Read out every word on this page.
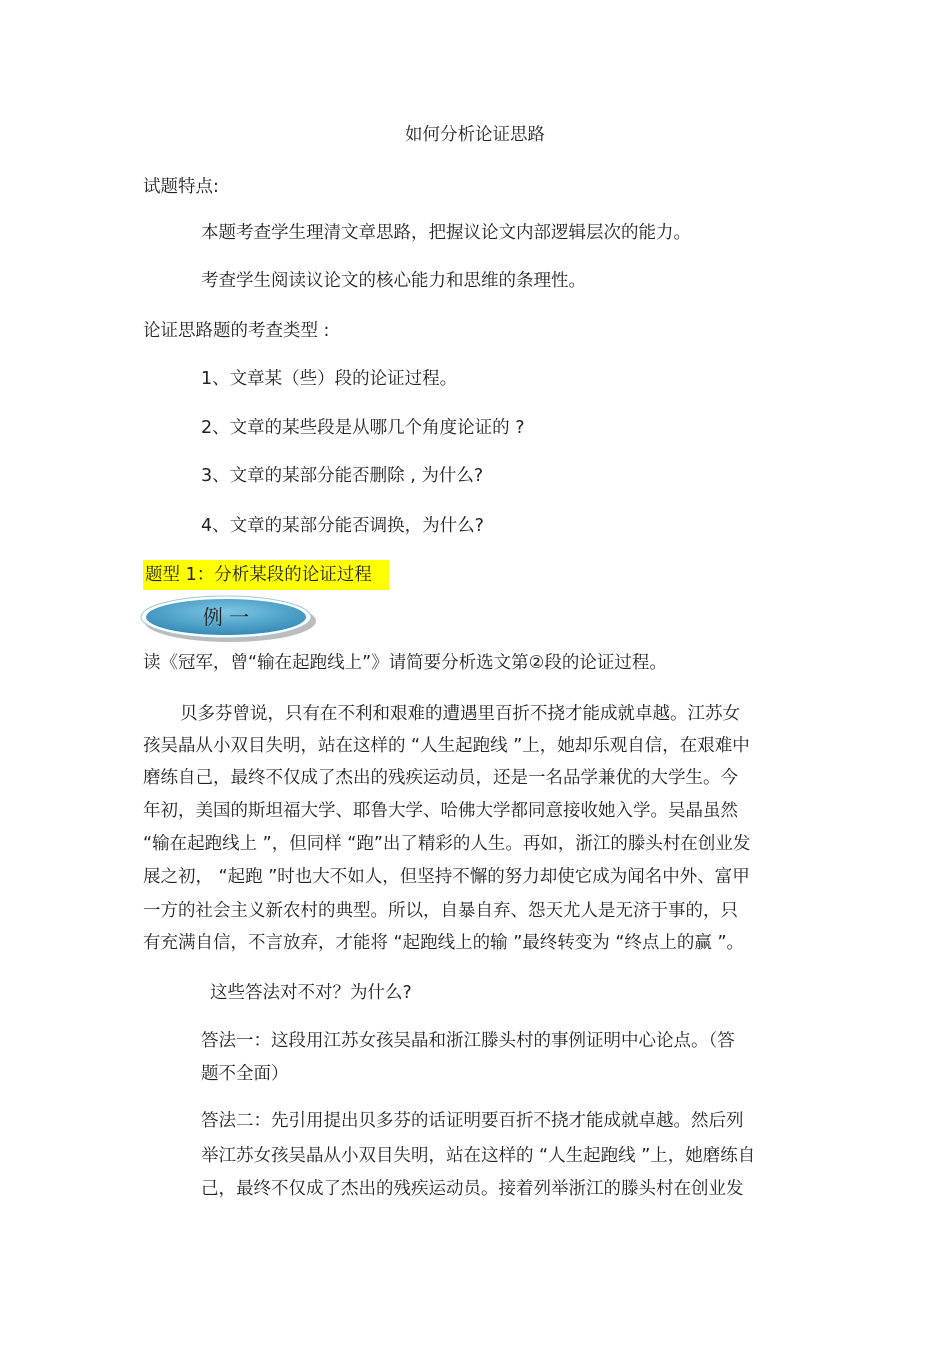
如何分析论证思路
试题特点:
本题考查学生理清文章思路，把握议论文内部逻辑层次的能力。
考查学生阅读议论文的核心能力和思维的条理性。
论证思路题的考查类型 :
1、文章某（些）段的论证过程。
2、文章的某些段是从哪几个角度论证的 ?
3、文章的某部分能否删除 , 为什么?
4、文章的某部分能否调换，为什么?
题型 1：分析某段的论证过程
例 一
读《冠军，曾“输在起跑线上”》请简要分析选文第②段的论证过程。
贝多芬曾说，只有在不利和艰难的遭遇里百折不挠才能成就卓越。江苏女
孩吴晶从小双目失明，站在这样的 “人生起跑线 ”上，她却乐观自信，在艰难中
磨练自己，最终不仅成了杰出的残疾运动员，还是一名品学兼优的大学生。今
年初，美国的斯坦福大学、耶鲁大学、哈佛大学都同意接收她入学。吴晶虽然
“输在起跑线上 ”，但同样 “跑”出了精彩的人生。再如，浙江的滕头村在创业发
展之初， “起跑 ”时也大不如人，但坚持不懈的努力却使它成为闻名中外、富甲
一方的社会主义新农村的典型。所以，自暴自弃、怨天尤人是无济于事的，只
有充满自信，不言放弃，才能将 “起跑线上的输 ”最终转变为 “终点上的赢 ”。
这些答法对不对？为什么?
答法一：这段用江苏女孩吴晶和浙江滕头村的事例证明中心论点。（答
题不全面）
答法二：先引用提出贝多芬的话证明要百折不挠才能成就卓越。然后列
举江苏女孩吴晶从小双目失明，站在这样的 “人生起跑线 ”上，她磨练自
己，最终不仅成了杰出的残疾运动员。接着列举浙江的滕头村在创业发
